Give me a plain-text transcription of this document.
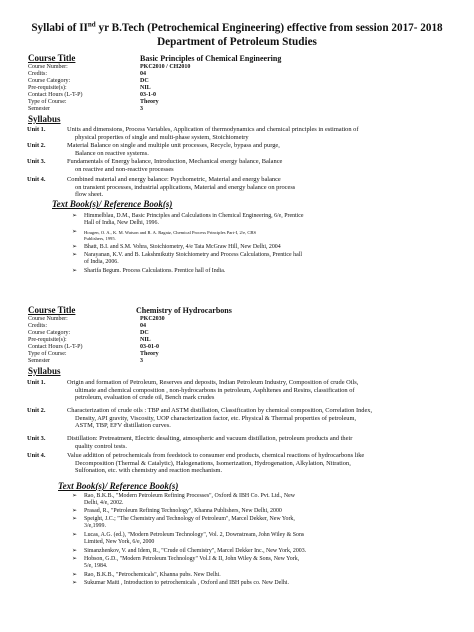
Syllabi of IInd yr B.Tech (Petrochemical Engineering) effective from session 2017- 2018
Department of Petroleum Studies
Course Title	Basic Principles of Chemical Engineering
Course Number:	PKC2010 / CH2010
Credits:	04
Course Category:	DC
Pre-requisite(s):	NIL
Contact Hours (L-T-P)	03-1-0
Type of Course:	Theory
Semester	3
Syllabus
Unit 1.	Units and dimensions, Process Variables, Application of thermodynamics and chemical principles in estimation of
physical properties of single and multi-phase system, Stoichiometry
Unit 2.	Material Balance on single and multiple unit processes, Recycle, bypass and purge,
Balance on reactive systems.
Unit 3.	Fundamentals of Energy balance, Introduction, Mechanical energy balance, Balance
on reactive and non-reactive processes
Unit 4.	Combined material and energy balance: Psychometric, Material and energy balance
on transient processes, industrial applications, Material and energy balance on process
flow sheet.
Text Book(s)/ Reference Book(s)
➢ Himmelblau, D.M., Basic Principles and Calculations in Chemical Engineering, 6/e, Prentice
Hall of India, New Delhi, 1996.
➢ Hougen, O. A., K. M. Watson and R. A. Ragatz, Chemical Process Principles Part-I, 2/e, CBS
Publishers, 1995.
➢ Bhatt, B.I. and S.M. Vohra, Stoichiometry, 4/e Tata McGraw Hill, New Delhi, 2004
➢ Narayanan, K.V. and B. Lakshmikutty Stoichiometry and Process Calculations, Prentice hall
of India, 2006.
➢ Sharifa Begum. Process Calculations. Prentice hall of India.
Course Title	Chemistry of Hydrocarbons
Course Number:	PKC2030
Credits:	04
Course Category:	DC
Pre-requisite(s):	NIL
Contact Hours (L-T-P)	03-01-0
Type of Course:	Theory
Semester	3
Syllabus
Unit 1.	Origin and formation of Petroleum, Reserves and deposits, Indian Petroleum Industry, Composition of crude Oils,
ultimate and chemical composition , non-hydrocarbons in petroleum, Asphltenes and Resins, classification of
petroleum, evaluation of crude oil, Bench mark crudes
Unit 2.	Characterization of crude oils : TBP and ASTM distillation, Classification by chemical composition, Correlation Index,
Density, API gravity, Viscosity, UOP characterization factor, etc. Physical & Thermal properties of petroleum,
ASTM, TBP, EFV distillation curves.
Unit 3.	Distillation: Pretreatment, Electric desalting, atmospheric and vacuum distillation, petroleum products and their
quality control tests.
Unit 4.	Value addition of petrochemicals from feedstock to consumer end products, chemical reactions of hydrocarbons like
Decomposition (Thermal & Catalytic), Halogenations, Isomerization, Hydrogenation, Alkylation, Nitration,
Sulfonation, etc. with chemistry and reaction mechanism.
Text Book(s)/ Reference Book(s)
➢ Rao, B.K.B., "Modern Petroleum Refining Processes", Oxford & IBH Co. Pvt. Ltd., New
Delhi, 4/e, 2002.
➢ Prasad, R., "Petroleum Refining Technology", Khanna Publishers, New Delhi, 2000
➢ Speight, J.C.; "The Chemistry and Technology of Petroleum", Marcel Dekker, New York,
3/e,1999.
➢ Lucas, A.G. (ed.), "Modern Petroleum Technology", Vol. 2, Downstream, John Wiley & Sons
Limited, New York, 6/e, 2000
➢ Simanzhenkov, V. and Idem, R., "Crude oil Chemistry", Marcel Dekker Inc., New York, 2003.
➢ Hobson, G.D., "Modern Petroleum Technology" Vol.I & II, John Wiley & Sons, New York,
5/e, 1984.
➢ Rao, B.K.B., "Petrochemicals", Khanna pubs. New Delhi.
➢ Sukumar Maiti , Introduction to petrochemicals , Oxford and IBH pubs co. New Delhi.
